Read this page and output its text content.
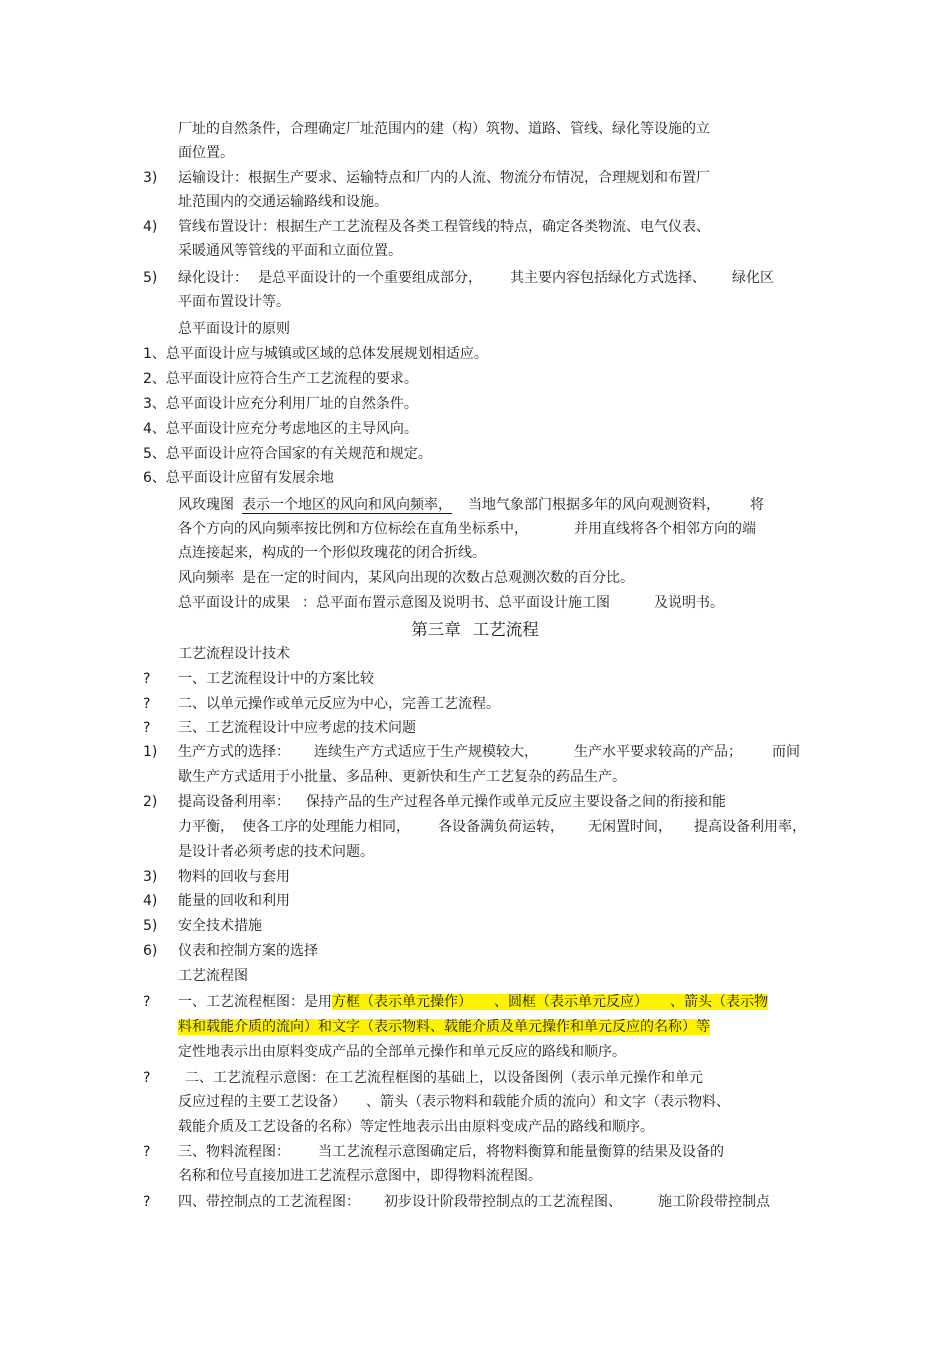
厂址的自然条件，合理确定厂址范围内的建（构）筑物、道路、管线、绿化等设施的立
面位置。
3) 运输设计：根据生产要求、运输特点和厂内的人流、物流分布情况，合理规划和布置厂
址范围内的交通运输路线和设施。
4) 管线布置设计：根据生产工艺流程及各类工程管线的特点，确定各类物流、电气仪表、
采暖通风等管线的平面和立面位置。
5) 绿化设计： 是总平面设计的一个重要组成部分， 其主要内容包括绿化方式选择、 绿化区
平面布置设计等。
总平面设计的原则
1、总平面设计应与城镇或区域的总体发展规划相适应。
2、总平面设计应符合生产工艺流程的要求。
3、总平面设计应充分利用厂址的自然条件。
4、总平面设计应充分考虑地区的主导风向。
5、总平面设计应符合国家的有关规范和规定。
6、总平面设计应留有发展余地
风玫瑰图 表示一个地区的风向和风向频率， 当地气象部门根据多年的风向观测资料， 将
各个方向的风向频率按比例和方位标绘在直角坐标系中，	并用直线将各个相邻方向的端
点连接起来，构成的一个形似玫瑰花的闭合折线。
风向频率 是在一定的时间内，某风向出现的次数占总观测次数的百分比。
总平面设计的成果 ：总平面布置示意图及说明书、总平面设计施工图	及说明书。
第三章 工艺流程
工艺流程设计技术
? 一、工艺流程设计中的方案比较
? 二、以单元操作或单元反应为中心，完善工艺流程。
? 三、工艺流程设计中应考虑的技术问题
1) 生产方式的选择： 连续生产方式适应于生产规模较大，	生产水平要求较高的产品； 而间
歇生产方式适用于小批量、多品种、更新快和生产工艺复杂的药品生产。
2) 提高设备利用率： 保持产品的生产过程各单元操作或单元反应主要设备之间的衔接和能
力平衡， 使各工序的处理能力相同， 各设备满负荷运转， 无闲置时间， 提高设备利用率，
是设计者必须考虑的技术问题。
3) 物料的回收与套用
4) 能量的回收和利用
5) 安全技术措施
6) 仪表和控制方案的选择
工艺流程图
? 一、工艺流程框图：是用方框（表示单元操作） 、圆框（表示单元反应） 、箭头（表示物
料和载能介质的流向）和文字（表示物料、载能介质及单元操作和单元反应的名称）等
定性地表示出由原料变成产品的全部单元操作和单元反应的路线和顺序。
? 二、工艺流程示意图：在工艺流程框图的基础上，以设备图例（表示单元操作和单元
反应过程的主要工艺设备） 、箭头（表示物料和载能介质的流向）和文字（表示物料、
载能介质及工艺设备的名称）等定性地表示出由原料变成产品的路线和顺序。
? 三、物料流程图： 当工艺流程示意图确定后，将物料衡算和能量衡算的结果及设备的
名称和位号直接加进工艺流程示意图中，即得物料流程图。
? 四、带控制点的工艺流程图： 初步设计阶段带控制点的工艺流程图、	施工阶段带控制点
